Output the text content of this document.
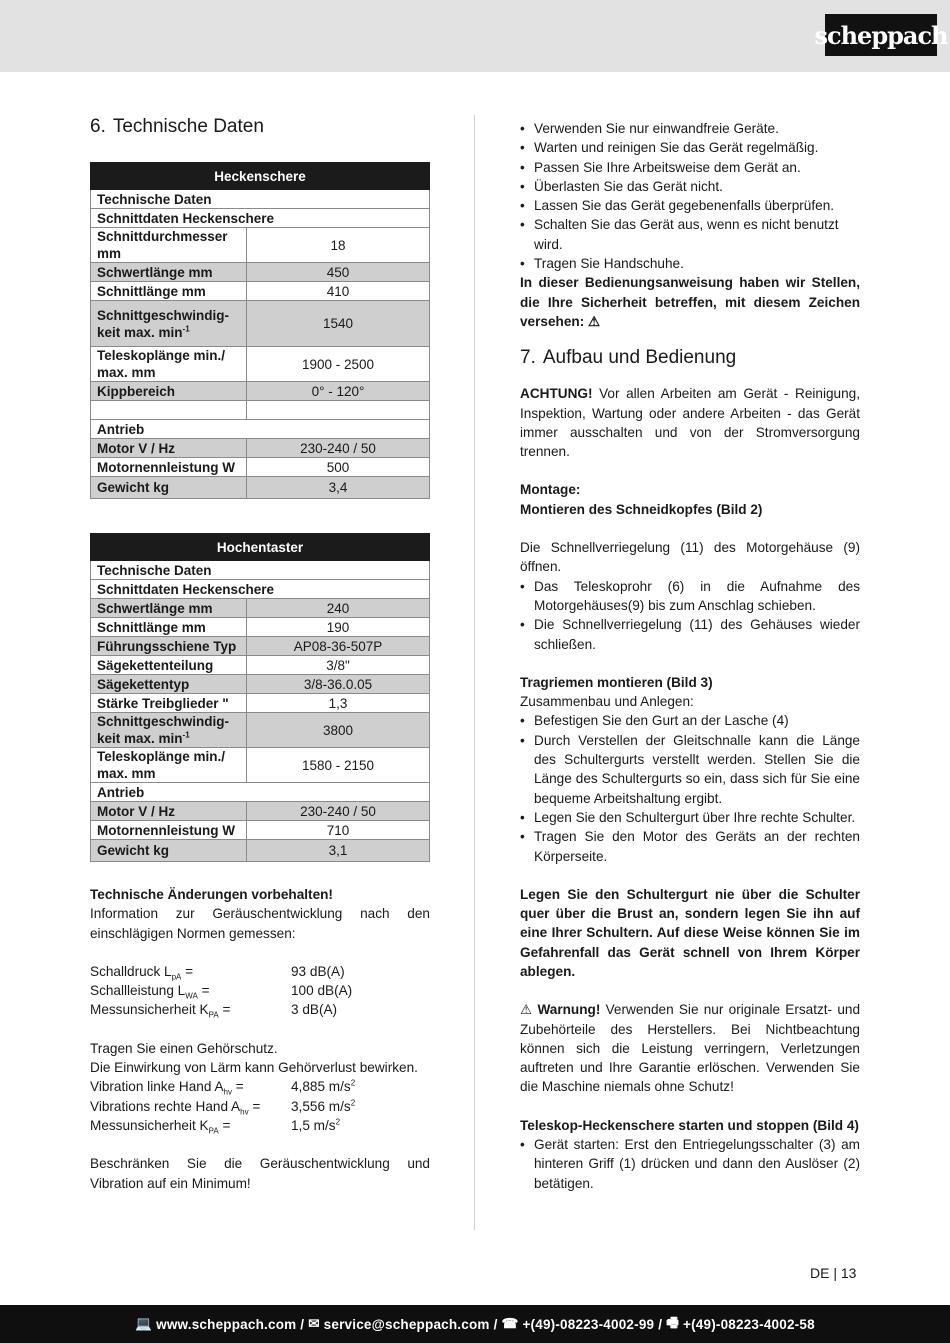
scheppach
6. Technische Daten
Heckenschere	
Technische Daten	
Schnittdaten Heckenschere	
Schnittdurchmesser mm	18
Schwertlänge mm	450
Schnittlänge mm	410
Schnittgeschwindig-keit max. $\min^{-1}$	1540
Teleskoplänge min./ max. mm	1900 - 2500
Kippbereich	0° - 120°

Antrieb	
Motor V / Hz	230-240 / 50
Motornennleistung W	500
Gewicht kg	3,4
Hochentaster	
Technische Daten	
Schnittdaten Heckenschere	
Schwertlänge mm	240
Schnittlänge mm	190
Führungsschiene Typ	AP08-36-507P
Sägekettenteilung	3/8"
Sägekettentyp	3/8-36.0.05
Stärke Treibglieder "	1,3
Schnittgeschwindig-keit max. $\min^{-1}$	3800
Teleskoplänge min./ max. mm	1580 - 2150
Antrieb	
Motor V / Hz	230-240 / 50
Motornennleistung W	710
Gewicht kg	3,1

Technische Änderungen vorbehalten!

Information zur Geräuschentwicklung nach den einschlägigen Normen gemessen:

Schalldruck $L_{pA}$ =	93 dB(A)
Schallleistung $L_{WA}$ =	100 dB(A)
Messunsicherheit $K_{PA}$ =	3 dB(A)

Tragen Sie einen Gehörschutz.

Die Einwirkung von Lärm kann Gehörverlust bewirken.

Vibration linke Hand $A_{hv}$ =	4,885 $m/s^2$
Vibrations rechte Hand $A_{hv}$ =	3,556 $m/s^2$
Messunsicherheit $K_{PA}$ =	1,5 $m/s^2$

Beschränken Sie die Geräuschentwicklung und Vibration auf ein Minimum!

• Verwenden Sie nur einwandfreie Geräte.
• Warten und reinigen Sie das Gerät regelmäßig.
• Passen Sie Ihre Arbeitsweise dem Gerät an.
• Überlasten Sie das Gerät nicht.
• Lassen Sie das Gerät gegebenenfalls überprüfen.
• Schalten Sie das Gerät aus, wenn es nicht benutzt wird.
• Tragen Sie Handschuhe.

In dieser Bedienungsanweisung haben wir Stellen, die Ihre Sicherheit betreffen, mit diesem Zeichen versehen: ⚠

7. Aufbau und Bedienung

ACHTUNG! Vor allen Arbeiten am Gerät - Reinigung, Inspektion, Wartung oder andere Arbeiten - das Gerät immer ausschalten und von der Stromversorgung trennen.

Montage:

Montieren des Schneidkopfes (Bild 2)

Die Schnellverriegelung (11) des Motorgehäuse (9) öffnen.

• Das Teleskoprohr (6) in die Aufnahme des Motorgehäuses(9) bis zum Anschlag schieben.
• Die Schnellverriegelung (11) des Gehäuses wieder schließen.

Tragriemen montieren (Bild 3)

Zusammenbau und Anlegen:

• Befestigen Sie den Gurt an der Lasche (4)
• Durch Verstellen der Gleitschnalle kann die Länge des Schultergurts verstellt werden. Stellen Sie die Länge des Schultergurts so ein, dass sich für Sie eine bequeme Arbeitshaltung ergibt.
• Legen Sie den Schultergurt über Ihre rechte Schulter.
• Tragen Sie den Motor des Geräts an der rechten Körperseite.

Legen Sie den Schultergurt nie über die Schulter quer über die Brust an, sondern legen Sie ihn auf eine Ihrer Schultern. Auf diese Weise können Sie im Gefahrenfall das Gerät schnell von Ihrem Körper ablegen.

⚠ Warnung! Verwenden Sie nur originale Ersatzt- und Zubehörteile des Herstellers. Bei Nichtbeachtung können sich die Leistung verringern, Verletzungen auftreten und Ihre Garantie erlöschen. Verwenden Sie die Maschine niemals ohne Schutz!

Teleskop-Heckenschere starten und stoppen (Bild 4)

• Gerät starten: Erst den Entriegelungsschalter (3) am hinteren Griff (1) drücken und dann den Auslöser (2) betätigen.
DE | 13
💻
www.scheppach.com / ✉
service@scheppach.com / ☎
+(49)-08223-4002-99 / 🖷
+(49)-08223-4002-58
